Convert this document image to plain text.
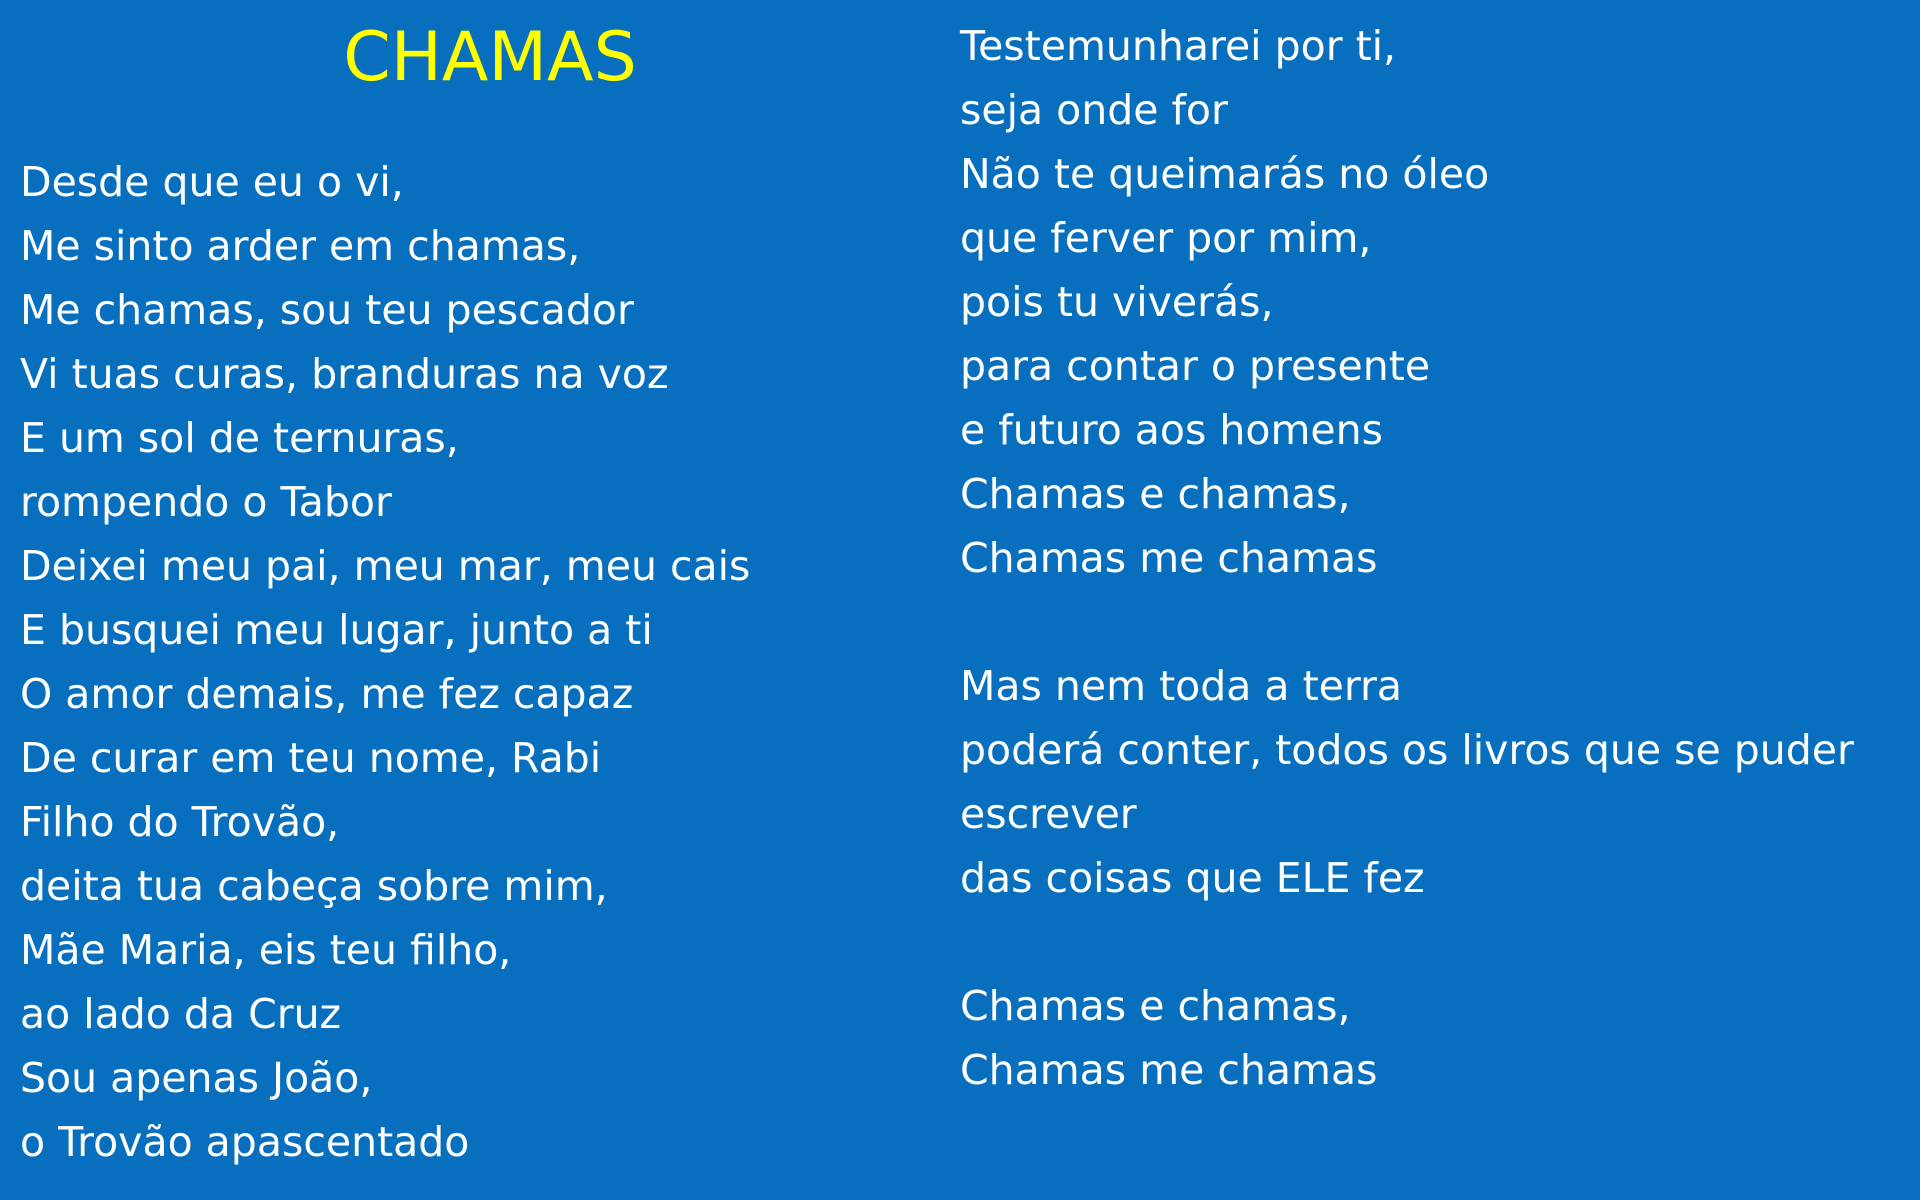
CHAMAS
Desde que eu o vi,
Me sinto arder em chamas,
Me chamas, sou teu pescador
Vi tuas curas, branduras na voz
E um sol de ternuras,
rompendo o Tabor
Deixei meu pai, meu mar, meu cais
E busquei meu lugar, junto a ti
O amor demais, me fez capaz
De curar em teu nome, Rabi
Filho do Trovão,
deita tua cabeça sobre mim,
Mãe Maria, eis teu filho,
ao lado da Cruz
Sou apenas João,
o Trovão apascentado
Testemunharei por ti,
seja onde for
Não te queimarás no óleo
que ferver por mim,
pois tu viverás,
para contar o presente
e futuro aos homens
Chamas e chamas,
Chamas me chamas
Mas nem toda a terra
poderá conter, todos os livros que se puder
escrever
das coisas que ELE fez
Chamas e chamas,
Chamas me chamas
